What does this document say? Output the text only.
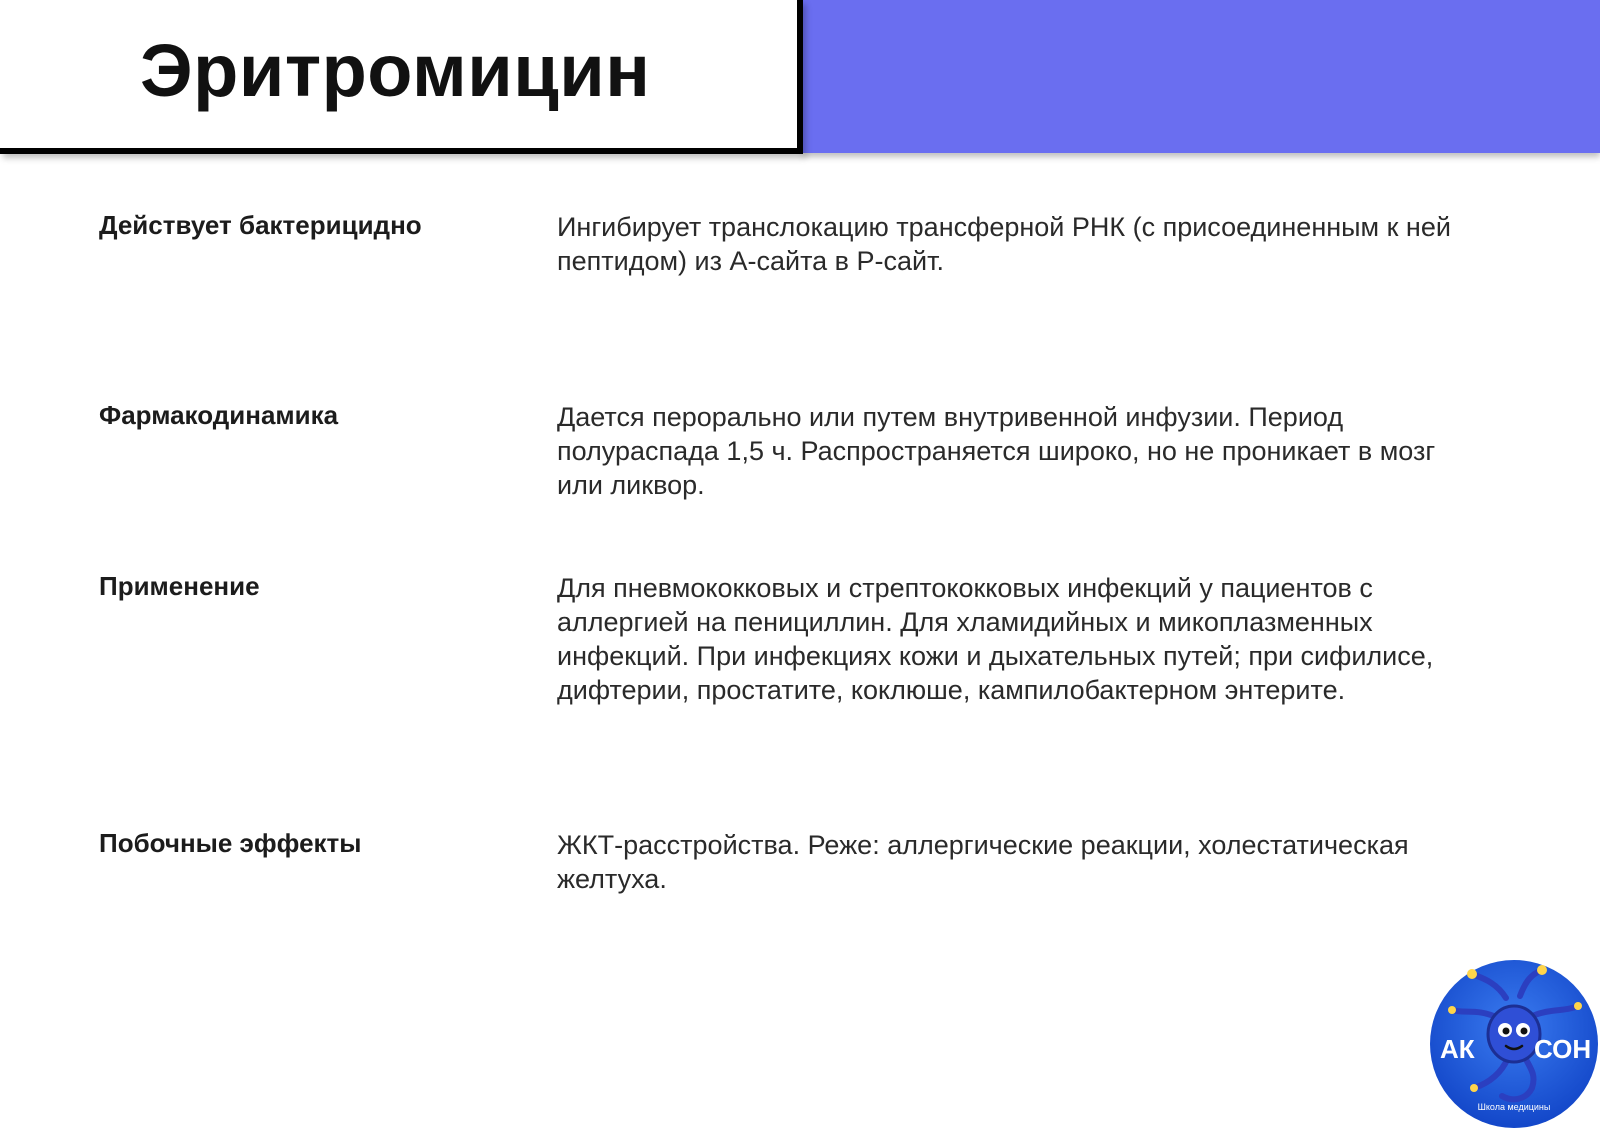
Эритромицин
Действует бактерицидно	Ингибирует транслокацию трансферной РНК (с присоединенным к ней пептидом) из А-сайта в Р-сайт.
Фармакодинамика	Дается перорально или путем внутривенной инфузии. Период полураспада 1,5 ч. Распространяется широко, но не проникает в мозг или ликвор.
Применение	Для пневмококковых и стрептококковых инфекций у пациентов с аллергией на пенициллин. Для хламидийных и микоплазменных инфекций. При инфекциях кожи и дыхательных путей; при сифилисе, дифтерии, простатите, коклюше, кампилобактерном энтерите.
Побочные эффекты	ЖКТ-расстройства. Реже: аллергические реакции, холестатическая желтуха.
АК СОН
Школа медицины
